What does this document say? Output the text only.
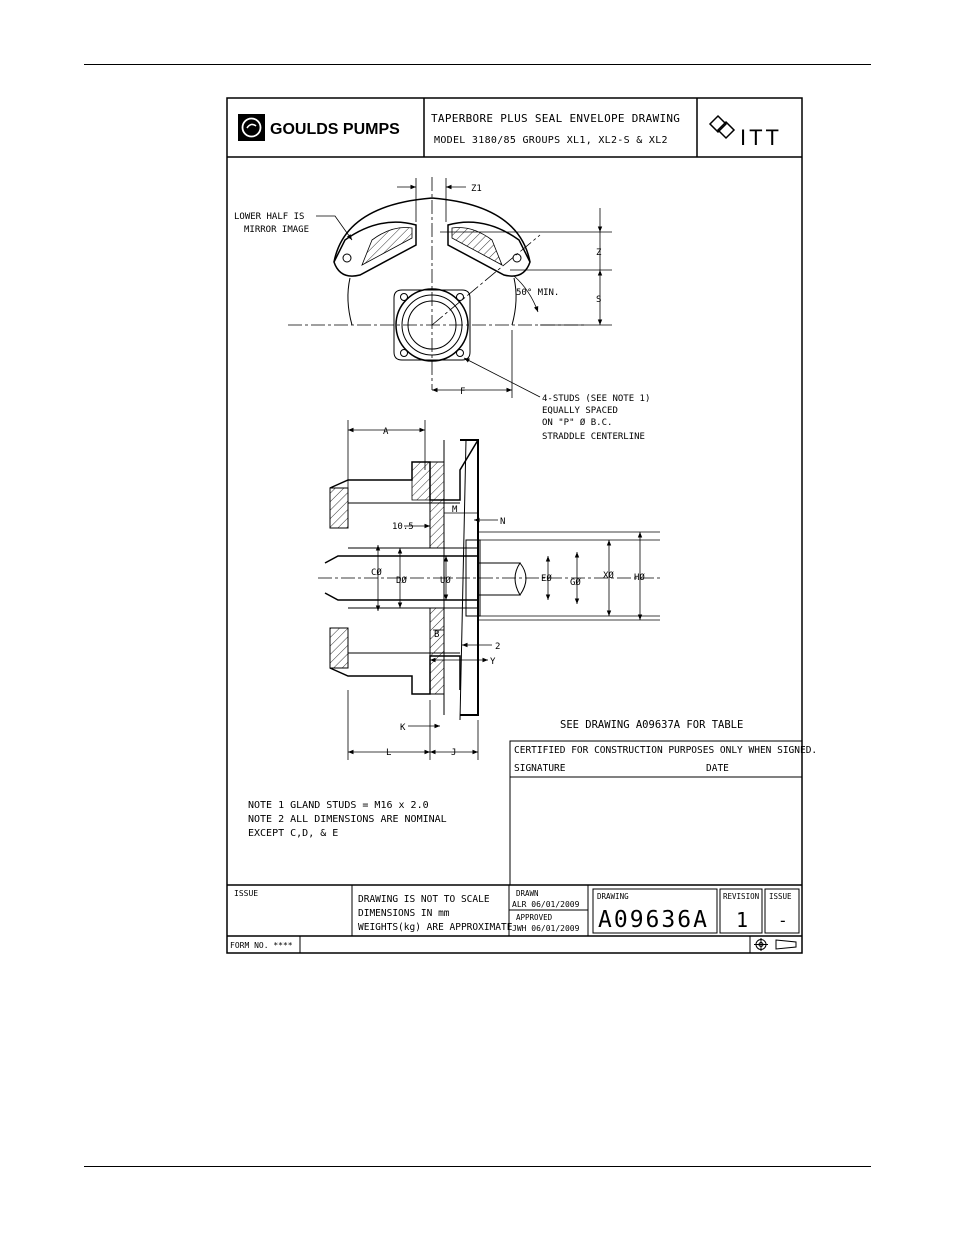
GOULDS PUMPS
TAPERBORE PLUS SEAL ENVELOPE DRAWING
MODEL 3180/85 GROUPS XL1, XL2-S & XL2	ITT
Z1
Z
S
50° MIN.
F
LOWER HALF IS
MIRROR IMAGE
4-STUDS (SEE NOTE 1)
EQUALLY SPACED
ON "P" Ø B.C.
STRADDLE CENTERLINE
A
M
N
10.5
CØ
DØ	UØ	EØ GØ
XØ HØ
B
2
Y
K
L	J
SEE DRAWING A09637A FOR TABLE
CERTIFIED FOR CONSTRUCTION PURPOSES ONLY WHEN SIGNED.
SIGNATURE	DATE
NOTE 1 GLAND STUDS = M16 x 2.0
NOTE 2 ALL DIMENSIONS ARE NOMINAL
EXCEPT C,D, & E
ISSUE
DRAWING IS NOT TO SCALE
DIMENSIONS IN mm
WEIGHTS(kg) ARE APPROXIMATE
DRAWN
ALR 06/01/2009
APPROVED
JWH 06/01/2009
DRAWING
A09636A
REVISION
1
ISSUE
-
FORM NO. ****
